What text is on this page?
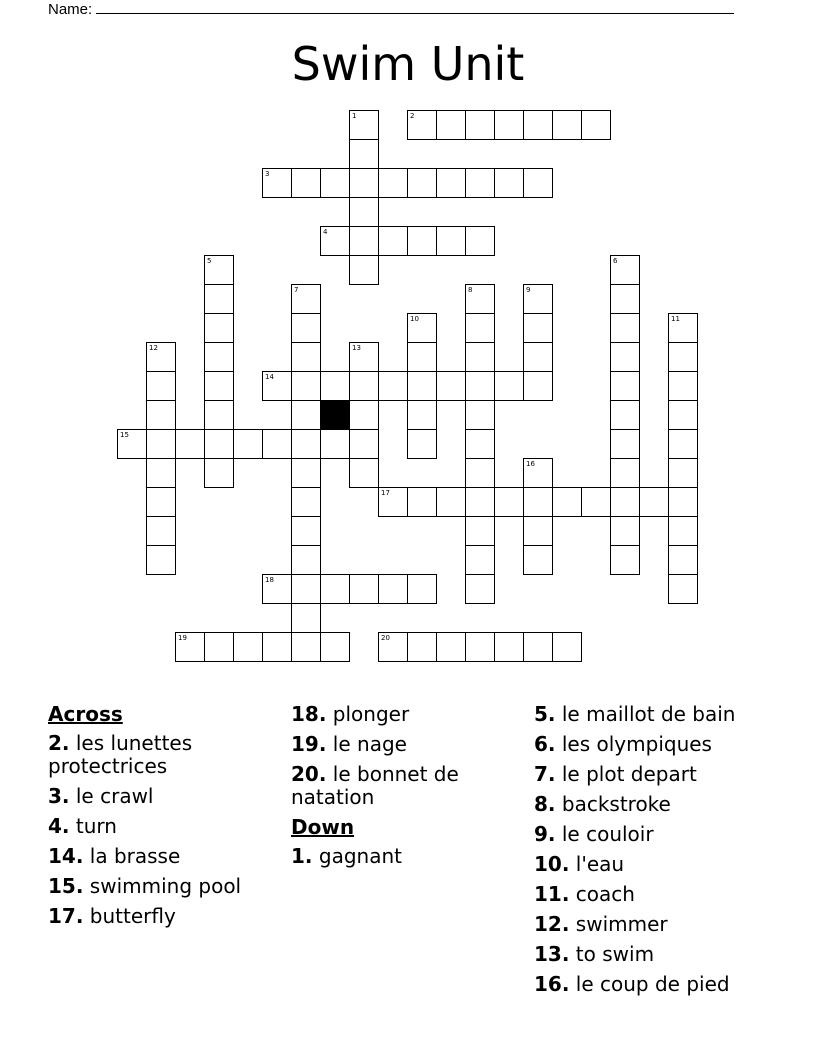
Name:
Swim Unit
1	2
3
4
5	6
7	8	9
10	11
12	13
14
15
16
17
18
19	20
Across
2. les lunettes protectrices
3. le crawl
4. turn
14. la brasse
15. swimming pool
17. butterfly
18. plonger
19. le nage
20. le bonnet de natation
Down
1. gagnant
5. le maillot de bain
6. les olympiques
7. le plot depart
8. backstroke
9. le couloir
10. l'eau
11. coach
12. swimmer
13. to swim
16. le coup de pied
